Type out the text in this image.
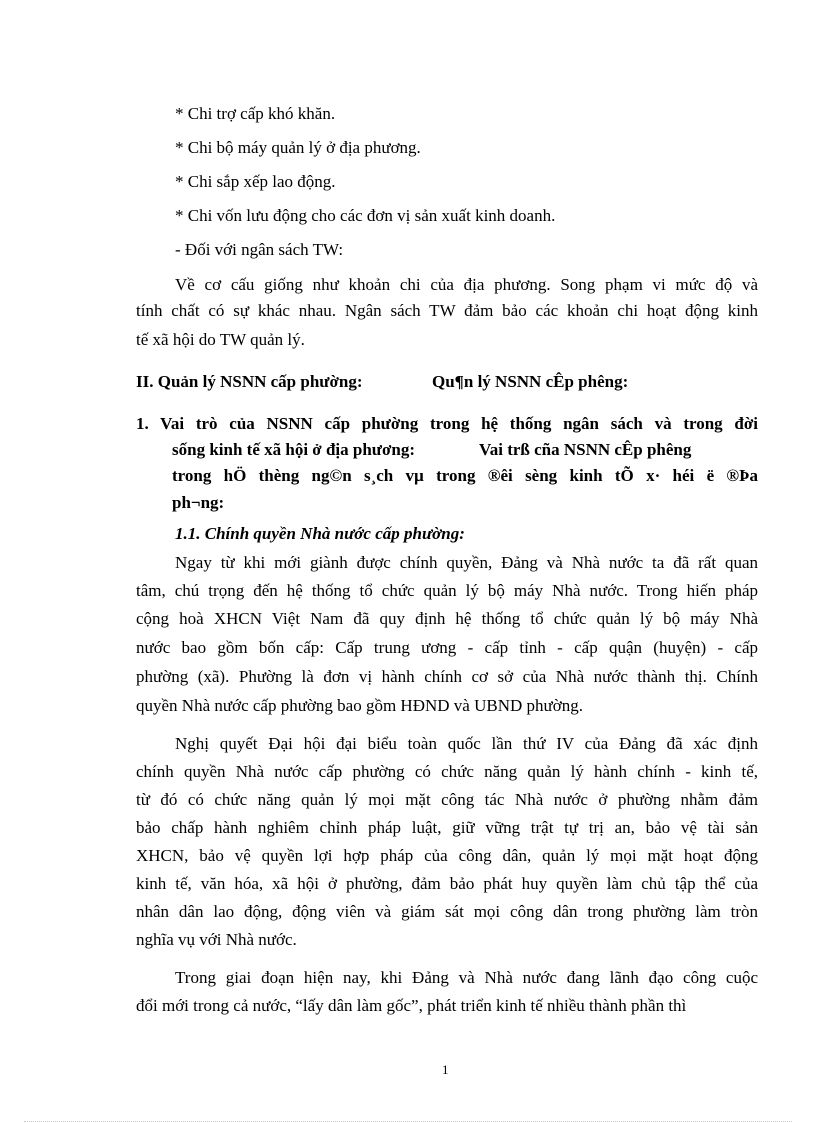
* Chi trợ cấp khó khăn.
* Chi bộ máy quản lý ở địa phương.
* Chi sắp xếp lao động.
* Chi vốn lưu động cho các đơn vị sản xuất kinh doanh.
- Đối với ngân sách TW:
Về cơ cấu giống như khoản chi của địa phương. Song phạm vi mức độ và
tính chất có sự khác nhau. Ngân sách TW đảm bảo các khoản chi hoạt động kinh
tế xã hội do TW quản lý.
II. Quản lý NSNN cấp phường:	Qu¶n lý NSNN cÊp phêng:
1. Vai trò của NSNN cấp phường trong hệ thống ngân sách và trong đời
sống kinh tế xã hội ở địa phương:	Vai trß cña NSNN cÊp phêng
trong hÖ thèng ng©n s¸ch vµ trong ®êi sèng kinh tÕ x· héi ë ®Þa
ph¬ng:
1.1. Chính quyền Nhà nước cấp phường:
Ngay từ khi mới giành được chính quyền, Đảng và Nhà nước ta đã rất quan
tâm, chú trọng đến hệ thống tổ chức quản lý bộ máy Nhà nước. Trong hiến pháp
cộng hoà XHCN Việt Nam đã quy định hệ thống tổ chức quản lý bộ máy Nhà
nước bao gồm bốn cấp: Cấp trung ương - cấp tỉnh - cấp quận (huyện) - cấp
phường (xã). Phường là đơn vị hành chính cơ sở của Nhà nước thành thị. Chính
quyền Nhà nước cấp phường bao gồm HĐND và UBND phường.
Nghị quyết Đại hội đại biểu toàn quốc lần thứ IV của Đảng đã xác định
chính quyền Nhà nước cấp phường có chức năng quản lý hành chính - kinh tế,
từ đó có chức năng quản lý mọi mặt công tác Nhà nước ở phường nhằm đảm
bảo chấp hành nghiêm chỉnh pháp luật, giữ vững trật tự trị an, bảo vệ tài sản
XHCN, bảo vệ quyền lợi hợp pháp của công dân, quản lý mọi mặt hoạt động
kinh tế, văn hóa, xã hội ở phường, đảm bảo phát huy quyền làm chủ tập thể của
nhân dân lao động, động viên và giám sát mọi công dân trong phường làm tròn
nghĩa vụ với Nhà nước.
Trong giai đoạn hiện nay, khi Đảng và Nhà nước đang lãnh đạo công cuộc
đổi mới trong cả nước, “lấy dân làm gốc”, phát triển kinh tế nhiều thành phần thì
1
